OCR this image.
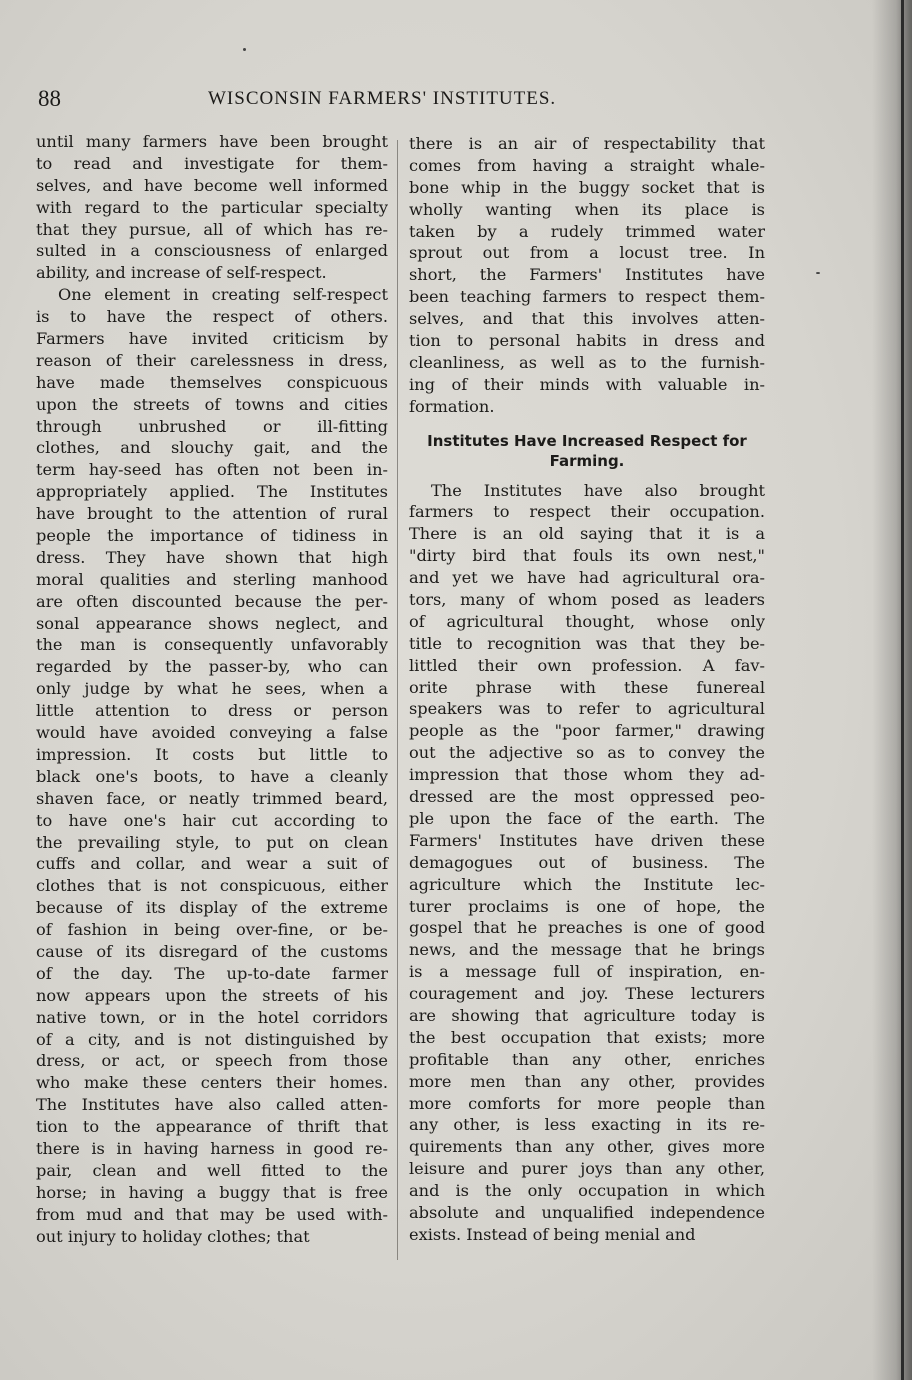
88	WISCONSIN FARMERS' INSTITUTES.
until many farmers have been brought
to read and investigate for them-
selves, and have become well informed
with regard to the particular specialty
that they pursue, all of which has re-
sulted in a consciousness of enlarged
ability, and increase of self-respect.
One element in creating self-respect
is to have the respect of others.
Farmers have invited criticism by
reason of their carelessness in dress,
have made themselves conspicuous
upon the streets of towns and cities
through unbrushed or ill-fitting
clothes, and slouchy gait, and the
term hay-seed has often not been in-
appropriately applied. The Institutes
have brought to the attention of rural
people the importance of tidiness in
dress. They have shown that high
moral qualities and sterling manhood
are often discounted because the per-
sonal appearance shows neglect, and
the man is consequently unfavorably
regarded by the passer-by, who can
only judge by what he sees, when a
little attention to dress or person
would have avoided conveying a false
impression. It costs but little to
black one's boots, to have a cleanly
shaven face, or neatly trimmed beard,
to have one's hair cut according to
the prevailing style, to put on clean
cuffs and collar, and wear a suit of
clothes that is not conspicuous, either
because of its display of the extreme
of fashion in being over-fine, or be-
cause of its disregard of the customs
of the day. The up-to-date farmer
now appears upon the streets of his
native town, or in the hotel corridors
of a city, and is not distinguished by
dress, or act, or speech from those
who make these centers their homes.
The Institutes have also called atten-
tion to the appearance of thrift that
there is in having harness in good re-
pair, clean and well fitted to the
horse; in having a buggy that is free
from mud and that may be used with-
out injury to holiday clothes; that
there is an air of respectability that
comes from having a straight whale-
bone whip in the buggy socket that is
wholly wanting when its place is
taken by a rudely trimmed water
sprout out from a locust tree. In
short, the Farmers' Institutes have
been teaching farmers to respect them-
selves, and that this involves atten-
tion to personal habits in dress and
cleanliness, as well as to the furnish-
ing of their minds with valuable in-
formation.
Institutes Have Increased Respect for
Farming.
The Institutes have also brought
farmers to respect their occupation.
There is an old saying that it is a
"dirty bird that fouls its own nest,"
and yet we have had agricultural ora-
tors, many of whom posed as leaders
of agricultural thought, whose only
title to recognition was that they be-
littled their own profession. A fav-
orite phrase with these funereal
speakers was to refer to agricultural
people as the "poor farmer," drawing
out the adjective so as to convey the
impression that those whom they ad-
dressed are the most oppressed peo-
ple upon the face of the earth. The
Farmers' Institutes have driven these
demagogues out of business. The
agriculture which the Institute lec-
turer proclaims is one of hope, the
gospel that he preaches is one of good
news, and the message that he brings
is a message full of inspiration, en-
couragement and joy. These lecturers
are showing that agriculture today is
the best occupation that exists; more
profitable than any other, enriches
more men than any other, provides
more comforts for more people than
any other, is less exacting in its re-
quirements than any other, gives more
leisure and purer joys than any other,
and is the only occupation in which
absolute and unqualified independence
exists. Instead of being menial and
